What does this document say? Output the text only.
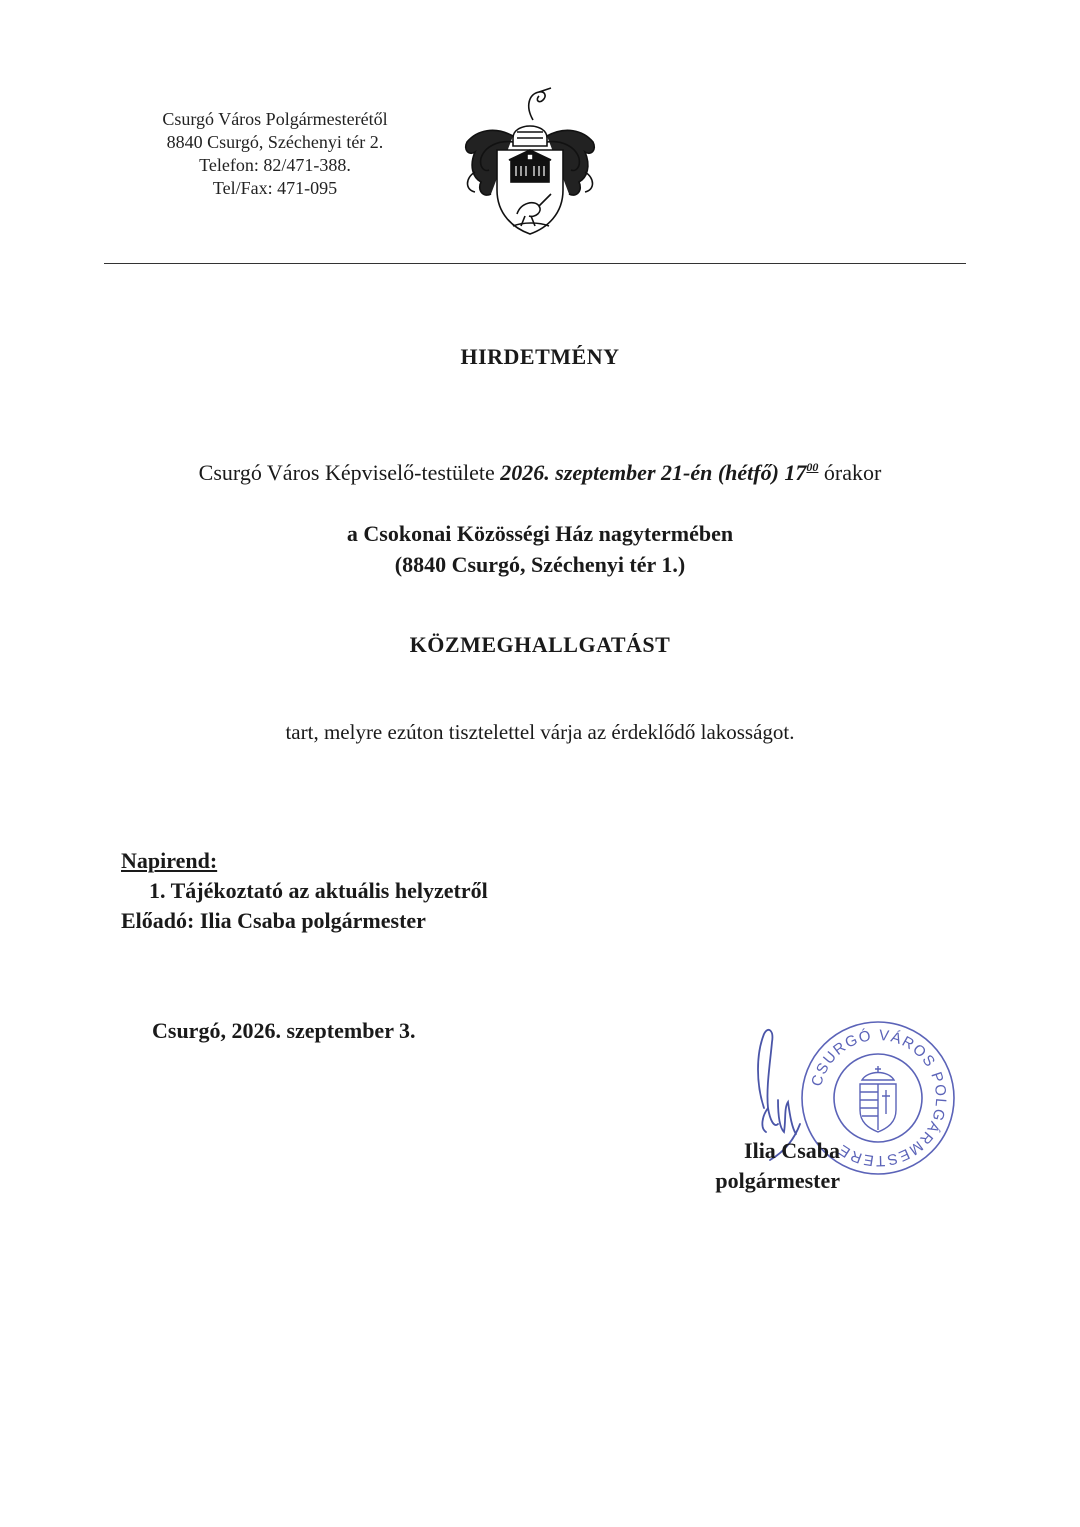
Csurgó Város Polgármesterétől
8840 Csurgó, Széchenyi tér 2.
Telefon: 82/471-388.
Tel/Fax: 471-095
HIRDETMÉNY
Csurgó Város Képviselő-testülete 2026. szeptember 21-én (hétfő) $17^{00}$ órakor
a Csokonai Közösségi Ház nagytermében
(8840 Csurgó, Széchenyi tér 1.)
KÖZMEGHALLGATÁST
tart, melyre ezúton tisztelettel várja az érdeklődő lakosságot.
Napirend:
1. Tájékoztató az aktuális helyzetről
Előadó: Ilia Csaba polgármester
Csurgó, 2026. szeptember 3.
CSURGÓ VÁROS POLGÁRMESTERE
Ilia Csaba
polgármester
